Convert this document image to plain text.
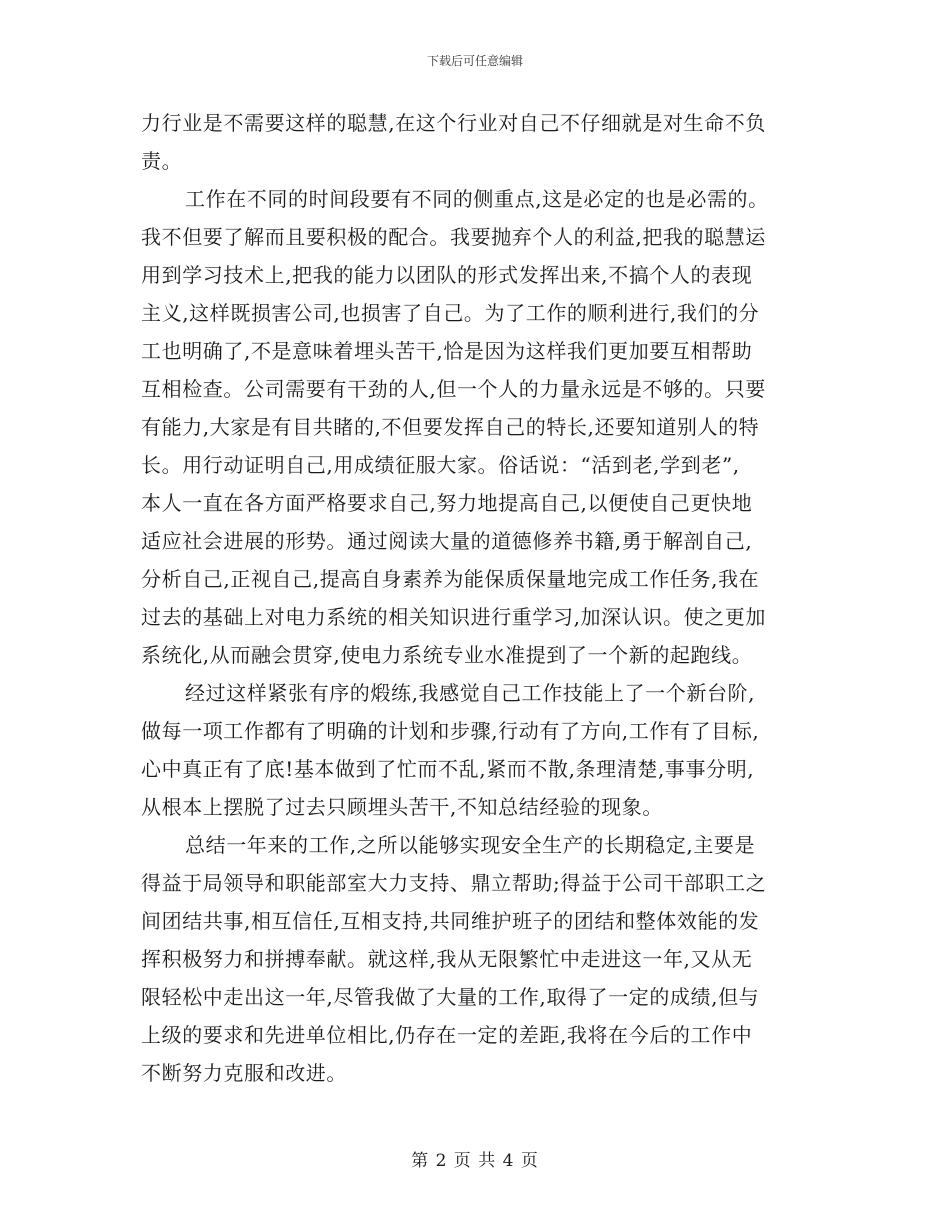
下载后可任意编辑
力行业是不需要这样的聪慧,在这个行业对自己不仔细就是对生命不负
责。
工作在不同的时间段要有不同的侧重点,这是必定的也是必需的。
我不但要了解而且要积极的配合。我要抛弃个人的利益,把我的聪慧运
用到学习技术上,把我的能力以团队的形式发挥出来,不搞个人的表现
主义,这样既损害公司,也损害了自己。为了工作的顺利进行,我们的分
工也明确了,不是意味着埋头苦干,恰是因为这样我们更加要互相帮助
互相检查。公司需要有干劲的人,但一个人的力量永远是不够的。只要
有能力,大家是有目共睹的,不但要发挥自己的特长,还要知道别人的特
长。用行动证明自己,用成绩征服大家。俗话说：“活到老,学到老”,
本人一直在各方面严格要求自己,努力地提高自己,以便使自己更快地
适应社会进展的形势。通过阅读大量的道德修养书籍,勇于解剖自己,
分析自己,正视自己,提高自身素养为能保质保量地完成工作任务,我在
过去的基础上对电力系统的相关知识进行重学习,加深认识。使之更加
系统化,从而融会贯穿,使电力系统专业水准提到了一个新的起跑线。
经过这样紧张有序的煅练,我感觉自己工作技能上了一个新台阶,
做每一项工作都有了明确的计划和步骤,行动有了方向,工作有了目标,
心中真正有了底!基本做到了忙而不乱,紧而不散,条理清楚,事事分明,
从根本上摆脱了过去只顾埋头苦干,不知总结经验的现象。
总结一年来的工作,之所以能够实现安全生产的长期稳定,主要是
得益于局领导和职能部室大力支持、鼎立帮助;得益于公司干部职工之
间团结共事,相互信任,互相支持,共同维护班子的团结和整体效能的发
挥积极努力和拼搏奉献。就这样,我从无限繁忙中走进这一年,又从无
限轻松中走出这一年,尽管我做了大量的工作,取得了一定的成绩,但与
上级的要求和先进单位相比,仍存在一定的差距,我将在今后的工作中
不断努力克服和改进。
第 2 页 共 4 页
